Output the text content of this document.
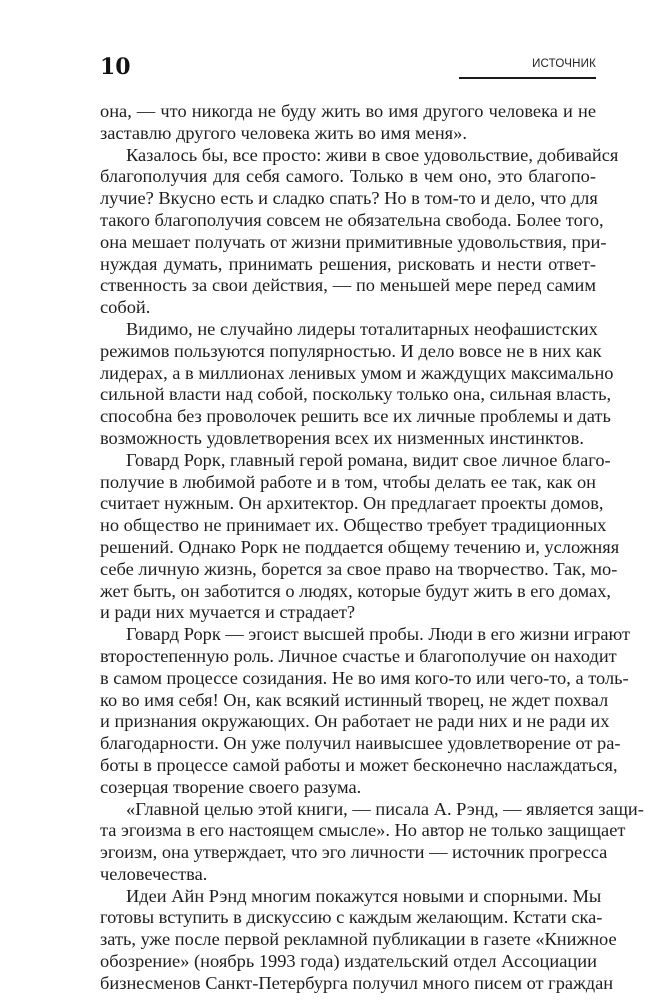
10	ИСТОЧНИК

она, — что никогда не буду жить во имя другого человека и не
заставлю другого человека жить во имя меня».

Казалось бы, все просто: живи в свое удовольствие, добивайся
благополучия для себя самого. Только в чем оно, это благопо-
лучие? Вкусно есть и сладко спать? Но в том-то и дело, что для
такого благополучия совсем не обязательна свобода. Более того,
она мешает получать от жизни примитивные удовольствия, при-
нуждая думать, принимать решения, рисковать и нести ответ-
ственность за свои действия, — по меньшей мере перед самим
собой.

Видимо, не случайно лидеры тоталитарных неофашистских
режимов пользуются популярностью. И дело вовсе не в них как
лидерах, а в миллионах ленивых умом и жаждущих максимально
сильной власти над собой, поскольку только она, сильная власть,
способна без проволочек решить все их личные проблемы и дать
возможность удовлетворения всех их низменных инстинктов.

Говард Рорк, главный герой романа, видит свое личное благо-
получие в любимой работе и в том, чтобы делать ее так, как он
считает нужным. Он архитектор. Он предлагает проекты домов,
но общество не принимает их. Общество требует традиционных
решений. Однако Рорк не поддается общему течению и, усложняя
себе личную жизнь, борется за свое право на творчество. Так, мо-
жет быть, он заботится о людях, которые будут жить в его домах,
и ради них мучается и страдает?

Говард Рорк — эгоист высшей пробы. Люди в его жизни играют
второстепенную роль. Личное счастье и благополучие он находит
в самом процессе созидания. Не во имя кого-то или чего-то, а толь-
ко во имя себя! Он, как всякий истинный творец, не ждет похвал
и признания окружающих. Он работает не ради них и не ради их
благодарности. Он уже получил наивысшее удовлетворение от ра-
боты в процессе самой работы и может бесконечно наслаждаться,
созерцая творение своего разума.

«Главной целью этой книги, — писала А. Рэнд, — является защи-
та эгоизма в его настоящем смысле». Но автор не только защищает
эгоизм, она утверждает, что эго личности — источник прогресса
человечества.

Идеи Айн Рэнд многим покажутся новыми и спорными. Мы
готовы вступить в дискуссию с каждым желающим. Кстати ска-
зать, уже после первой рекламной публикации в газете «Книжное
обозрение» (ноябрь 1993 года) издательский отдел Ассоциации
бизнесменов Санкт-Петербурга получил много писем от граждан
